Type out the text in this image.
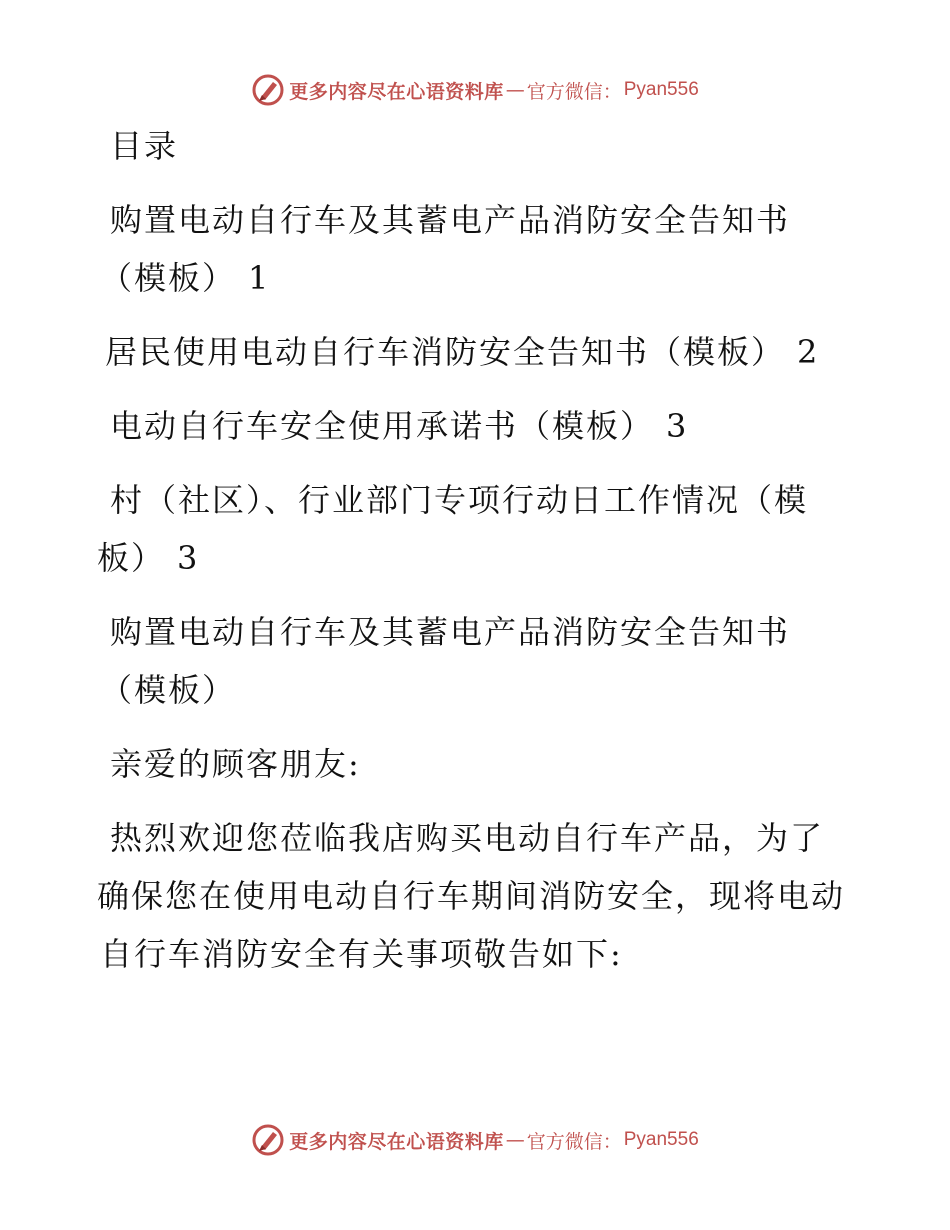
更多内容尽在心语资料库 — 官方微信： Pyan556
目录
购置电动自行车及其蓄电产品消防安全告知书
（模板） 1
居民使用电动自行车消防安全告知书（模板） 2
电动自行车安全使用承诺书（模板） 3
村（社区）、行业部门专项行动日工作情况（模
板） 3
购置电动自行车及其蓄电产品消防安全告知书
（模板）
亲爱的顾客朋友:
热烈欢迎您莅临我店购买电动自行车产品，为了
确保您在使用电动自行车期间消防安全，现将电动
自行车消防安全有关事项敬告如下:
更多内容尽在心语资料库 — 官方微信： Pyan556
